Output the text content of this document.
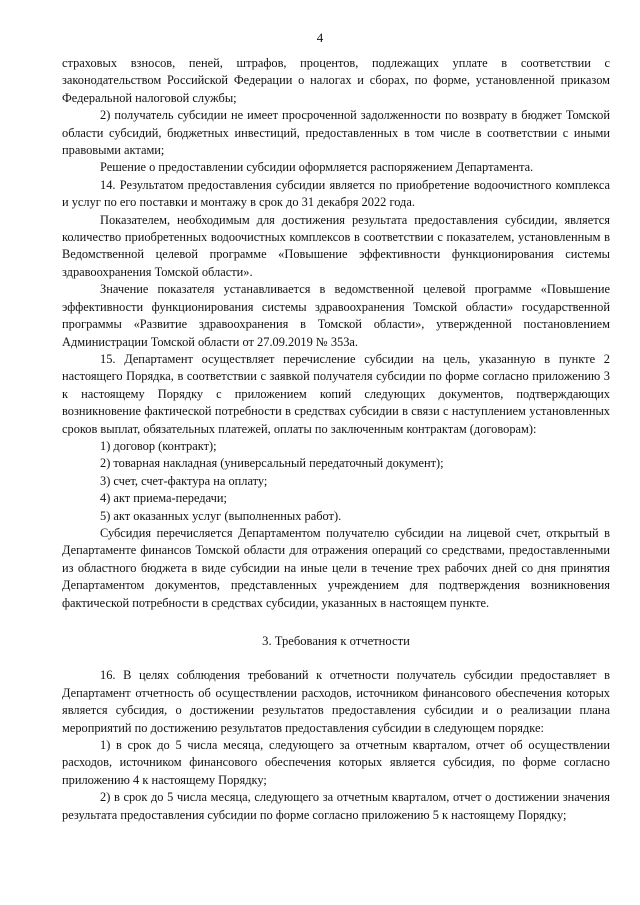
4

страховых взносов, пеней, штрафов, процентов, подлежащих уплате в соответствии с законодательством Российской Федерации о налогах и сборах, по форме, установленной приказом Федеральной налоговой службы;

2) получатель субсидии не имеет просроченной задолженности по возврату в бюджет Томской области субсидий, бюджетных инвестиций, предоставленных в том числе в соответствии с иными правовыми актами;

Решение о предоставлении субсидии оформляется распоряжением Департамента.

14. Результатом предоставления субсидии является по приобретение водоочистного комплекса и услуг по его поставки и монтажу в срок до 31 декабря 2022 года.

Показателем, необходимым для достижения результата предоставления субсидии, является количество приобретенных водоочистных комплексов в соответствии с показателем, установленным в Ведомственной целевой программе «Повышение эффективности функционирования системы здравоохранения Томской области».

Значение показателя устанавливается в ведомственной целевой программе «Повышение эффективности функционирования системы здравоохранения Томской области» государственной программы «Развитие здравоохранения в Томской области», утвержденной постановлением Администрации Томской области от 27.09.2019 № 353а.

15. Департамент осуществляет перечисление субсидии на цель, указанную в пункте 2 настоящего Порядка, в соответствии с заявкой получателя субсидии по форме согласно приложению 3 к настоящему Порядку с приложением копий следующих документов, подтверждающих возникновение фактической потребности в средствах субсидии в связи с наступлением установленных сроков выплат, обязательных платежей, оплаты по заключенным контрактам (договорам):

1) договор (контракт);

2) товарная накладная (универсальный передаточный документ);

3) счет, счет-фактура на оплату;

4) акт приема-передачи;

5) акт оказанных услуг (выполненных работ).

Субсидия перечисляется Департаментом получателю субсидии на лицевой счет, открытый в Департаменте финансов Томской области для отражения операций со средствами, предоставленными из областного бюджета в виде субсидии на иные цели в течение трех рабочих дней со дня принятия Департаментом документов, представленных учреждением для подтверждения возникновения фактической потребности в средствах субсидии, указанных в настоящем пункте.

3. Требования к отчетности

16. В целях соблюдения требований к отчетности получатель субсидии предоставляет в Департамент отчетность об осуществлении расходов, источником финансового обеспечения которых является субсидия, о достижении результатов предоставления субсидии и о реализации плана мероприятий по достижению результатов предоставления субсидии в следующем порядке:

1) в срок до 5 числа месяца, следующего за отчетным кварталом, отчет об осуществлении расходов, источником финансового обеспечения которых является субсидия, по форме согласно приложению 4 к настоящему Порядку;

2) в срок до 5 числа месяца, следующего за отчетным кварталом, отчет о достижении значения результата предоставления субсидии по форме согласно приложению 5 к настоящему Порядку;
